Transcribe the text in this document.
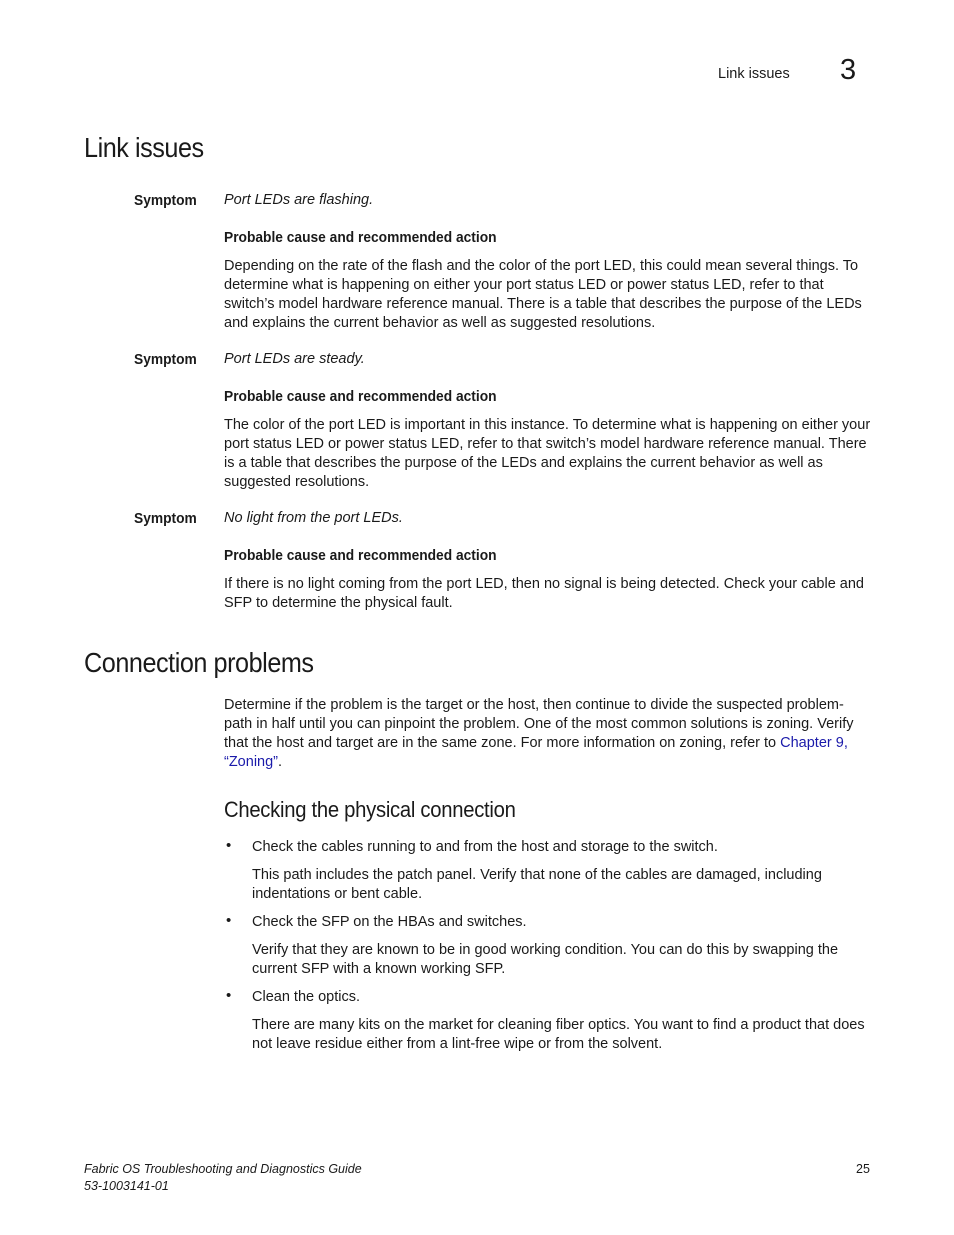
Link issues 3
Link issues
Symptom Port LEDs are flashing.
Probable cause and recommended action

Depending on the rate of the flash and the color of the port LED, this could mean several things. To determine what is happening on either your port status LED or power status LED, refer to that switch’s model hardware reference manual. There is a table that describes the purpose of the LEDs and explains the current behavior as well as suggested resolutions.

Symptom Port LEDs are steady.
Probable cause and recommended action

The color of the port LED is important in this instance. To determine what is happening on either your port status LED or power status LED, refer to that switch’s model hardware reference manual. There is a table that describes the purpose of the LEDs and explains the current behavior as well as suggested resolutions.

Symptom No light from the port LEDs.
Probable cause and recommended action

If there is no light coming from the port LED, then no signal is being detected. Check your cable and SFP to determine the physical fault.

Connection problems

Determine if the problem is the target or the host, then continue to divide the suspected problem-path in half until you can pinpoint the problem. One of the most common solutions is zoning. Verify that the host and target are in the same zone. For more information on zoning, refer to Chapter 9, “Zoning”.

Checking the physical connection
• Check the cables running to and from the host and storage to the switch.

This path includes the patch panel. Verify that none of the cables are damaged, including indentations or bent cable.

• Check the SFP on the HBAs and switches.

Verify that they are known to be in good working condition. You can do this by swapping the current SFP with a known working SFP.

• Clean the optics.

There are many kits on the market for cleaning fiber optics. You want to find a product that does not leave residue either from a lint-free wipe or from the solvent.

Fabric OS Troubleshooting and Diagnostics Guide
53-1003141-01
25
